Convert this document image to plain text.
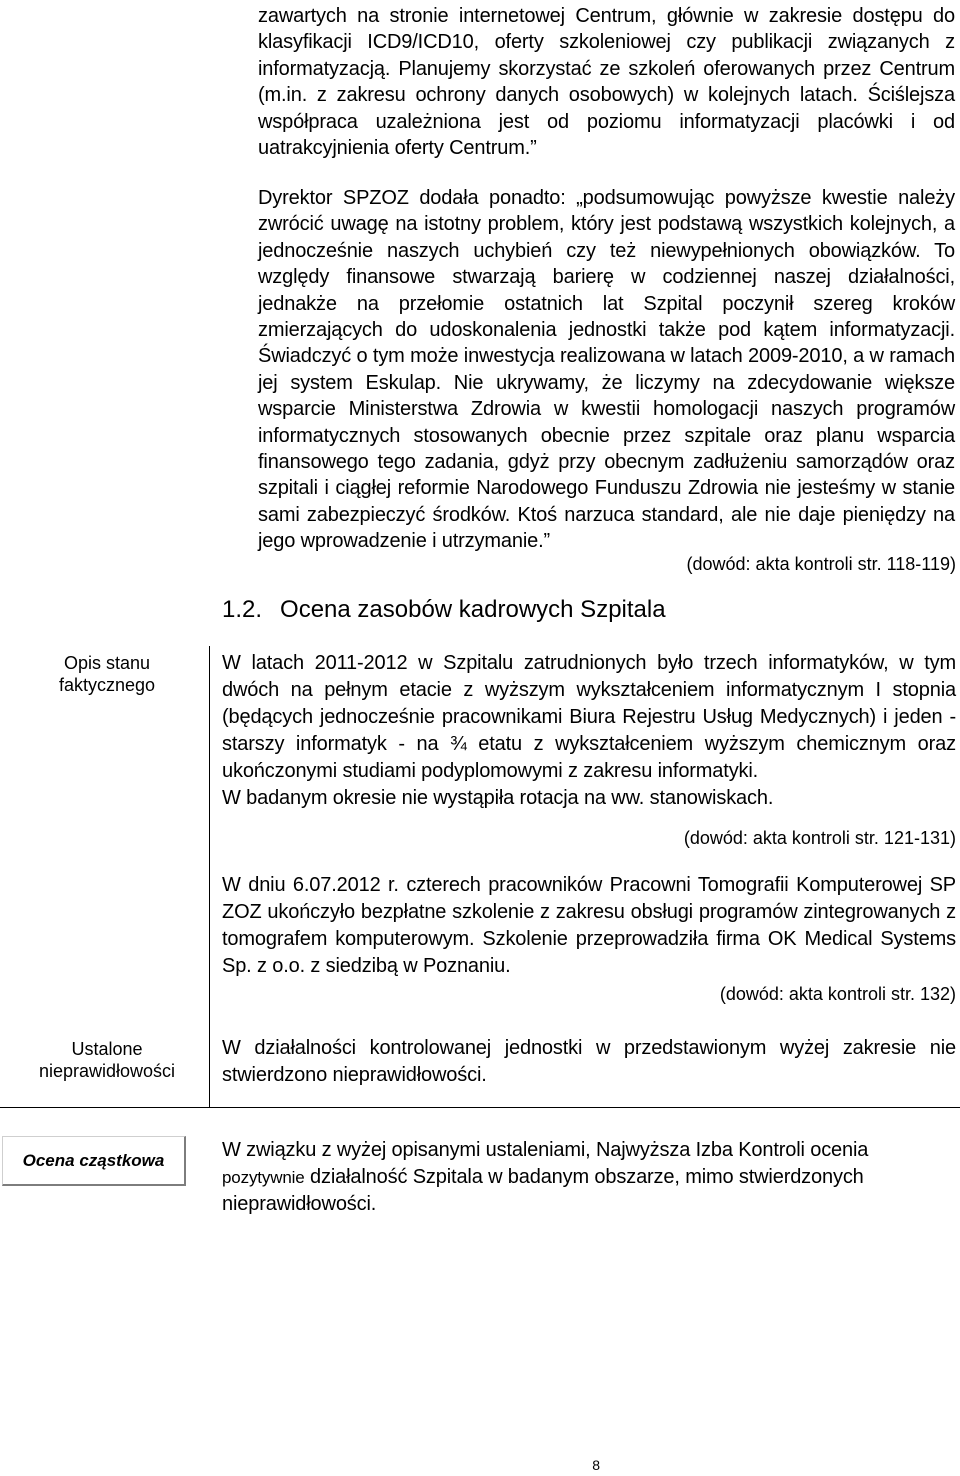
zawartych na stronie internetowej Centrum, głównie w zakresie dostępu do klasyfikacji ICD9/ICD10, oferty szkoleniowej czy publikacji związanych z informatyzacją. Planujemy skorzystać ze szkoleń oferowanych przez Centrum (m.in. z zakresu ochrony danych osobowych) w kolejnych latach. Ściślejsza współpraca uzależniona jest od poziomu informatyzacji placówki i od uatrakcyjnienia oferty Centrum.”

Dyrektor SPZOZ dodała ponadto: „podsumowując powyższe kwestie należy zwrócić uwagę na istotny problem, który jest podstawą wszystkich kolejnych, a jednocześnie naszych uchybień czy też niewypełnionych obowiązków. To względy finansowe stwarzają barierę w codziennej naszej działalności, jednakże na przełomie ostatnich lat Szpital poczynił szereg kroków zmierzających do udoskonalenia jednostki także pod kątem informatyzacji. Świadczyć o tym może inwestycja realizowana w latach 2009-2010, a w ramach jej system Eskulap. Nie ukrywamy, że liczymy na zdecydowanie większe wsparcie Ministerstwa Zdrowia w kwestii homologacji naszych programów informatycznych stosowanych obecnie przez szpitale oraz planu wsparcia finansowego tego zadania, gdyż przy obecnym zadłużeniu samorządów oraz szpitali i ciągłej reformie Narodowego Funduszu Zdrowia nie jesteśmy w stanie sami zabezpieczyć środków. Ktoś narzuca standard, ale nie daje pieniędzy na jego wprowadzenie i utrzymanie.”

(dowód: akta kontroli str. 118-119)

1.2. Ocena zasobów kadrowych Szpitala

Opis stanu faktycznego

Ustalone nieprawidłowości

Ocena cząstkowa

W latach 2011-2012 w Szpitalu zatrudnionych było trzech informatyków, w tym dwóch na pełnym etacie z wyższym wykształceniem informatycznym I stopnia (będących jednocześnie pracownikami Biura Rejestru Usług Medycznych) i jeden - starszy informatyk - na ¾ etatu z wykształceniem wyższym chemicznym oraz ukończonymi studiami podyplomowymi z zakresu informatyki.

W badanym okresie nie wystąpiła rotacja na ww. stanowiskach.

(dowód: akta kontroli str. 121-131)

W dniu 6.07.2012 r. czterech pracowników Pracowni Tomografii Komputerowej SP ZOZ ukończyło bezpłatne szkolenie z zakresu obsługi programów zintegrowanych z tomografem komputerowym. Szkolenie przeprowadziła firma OK Medical Systems Sp. z o.o. z siedzibą w Poznaniu.

(dowód: akta kontroli str. 132)

W działalności kontrolowanej jednostki w przedstawionym wyżej zakresie nie stwierdzono nieprawidłowości.

W związku z wyżej opisanymi ustaleniami, Najwyższa Izba Kontroli ocenia pozytywnie działalność Szpitala w badanym obszarze, mimo stwierdzonych nieprawidłowości.

8
